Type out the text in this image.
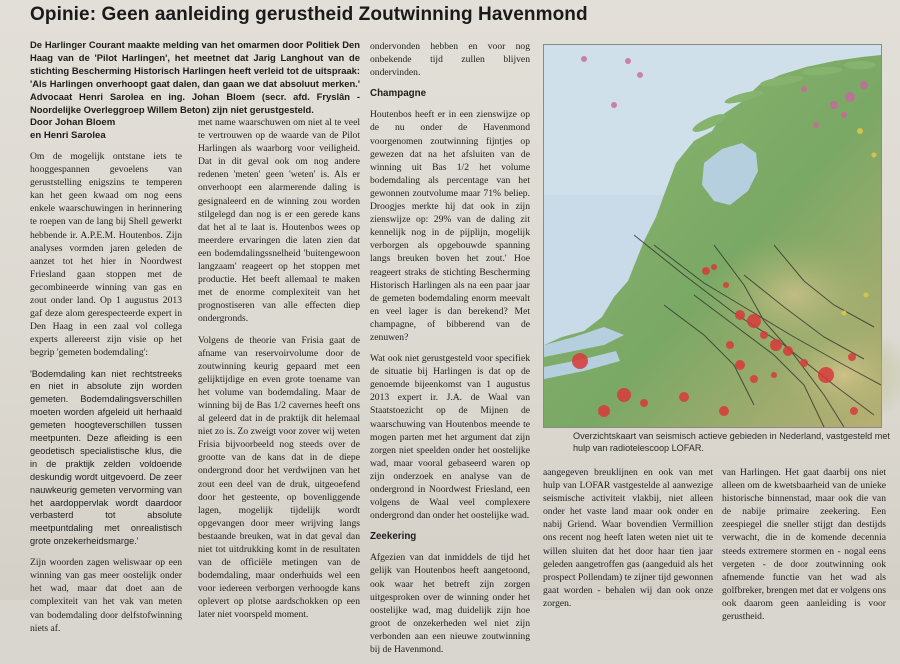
Opinie: Geen aanleiding gerustheid Zoutwinning Havenmond

De Harlinger Courant maakte melding van het omarmen door Politiek Den Haag van de 'Pilot Harlingen', het meetnet dat Jarig Langhout van de stichting Bescherming Historisch Harlingen heeft verleid tot de uitspraak: 'Als Harlingen onverhoopt gaat dalen, dan gaan we dat absoluut merken.' Advocaat Henri Sarolea en ing. Johan Bloem (secr. afd. Fryslân - Noordelijke Overleggroep Willem Beton) zijn niet gerustgesteld.

Door Johan Bloem
en Henri Sarolea

Om de mogelijk ontstane iets te hooggespannen gevoelens van geruststelling enigszins te temperen kan het geen kwaad om nog eens enkele waarschuwingen in herinnering te roepen van de lang bij Shell gewerkt hebbende ir. A.P.E.M. Houtenbos. Zijn analyses vormden jaren geleden de aanzet tot het hier in Noordwest Friesland gaan stoppen met de gecombineerde winning van gas en zout onder land. Op 1 augustus 2013 gaf deze alom gerespecteerde expert in Den Haag in een zaal vol collega experts allereerst zijn visie op het begrip 'gemeten bodemdaling':

'Bodemdaling kan niet rechtstreeks en niet in absolute zijn worden gemeten. Bodemdalingsverschillen moeten worden afgeleid uit herhaald gemeten hoogteverschillen tussen meetpunten. Deze afleiding is een geodetisch specialistische klus, die in de praktijk zelden voldoende deskundig wordt uitgevoerd. De zeer nauwkeurig gemeten vervorming van het aardoppervlak wordt daardoor verbasterd tot absolute meetpuntdaling met onrealistisch grote onzekerheidsmarge.'

Zijn woorden zagen weliswaar op een winning van gas meer oostelijk onder het wad, maar dat doet aan de complexiteit van het vak van meten van bodemdaling door delfstofwinning niets af.

met name waarschuwen om niet al te veel te vertrouwen op de waarde van de Pilot Harlingen als waarborg voor veiligheid. Dat in dit geval ook om nog andere redenen 'meten' geen 'weten' is. Als er onverhoopt een alarmerende daling is gesignaleerd en de winning zou worden stilgelegd dan nog is er een gerede kans dat het al te laat is. Houtenbos wees op meerdere ervaringen die laten zien dat een bodemdalingssnelheid 'buitengewoon langzaam' reageert op het stoppen met productie. Het beeft allemaal te maken met de enorme complexiteit van het prognostiseren van alle effecten diep ondergronds.

Volgens de theorie van Frisia gaat de afname van reservoirvolume door de zoutwinning keurig gepaard met een gelijktijdige en even grote toename van het volume van bodemdaling. Maar de winning bij de Bas 1/2 cavernes heeft ons al geleerd dat in de praktijk dit helemaal niet zo is. Zo zweigt voor zover wij weten Frisia bijvoorbeeld nog steeds over de grootte van de kans dat in de diepe ondergrond door het verdwijnen van het zout een deel van de druk, uitgeoefend door het gesteente, op bovenliggende lagen, mogelijk tijdelijk wordt opgevangen door meer wrijving langs bestaande breuken, wat in dat geval dan niet tot uitdrukking komt in de resultaten van de officiële metingen van de bodemdaling, maar onderhuids wel een voor iedereen verborgen verhoogde kans oplevert op plotse aardschokken op een later niet voorspeld moment.

ondervonden hebben en voor nog onbekende tijd zullen blijven ondervinden.

Champagne

Houtenbos heeft er in een zienswijze op de nu onder de Havenmond voorgenomen zoutwinning fijntjes op gewezen dat na het afsluiten van de winning uit Bas 1/2 het volume bodemdaling als percentage van het gewonnen zoutvolume maar 71% beliep. Droogjes merkte hij dat ook in zijn zienswijze op: 29% van de daling zit kennelijk nog in de pijplijn, mogelijk verborgen als opgebouwde spanning langs breuken boven het zout.' Hoe reageert straks de stichting Bescherming Historisch Harlingen als na een paar jaar de gemeten bodemdaling enorm meevalt en veel lager is dan berekend? Met champagne, of bibberend van de zenuwen?

Wat ook niet gerustgesteld voor specifiek de situatie bij Harlingen is dat op de genoemde bijeenkomst van 1 augustus 2013 expert ir. J.A. de Waal van Staatstoezicht op de Mijnen de waarschuwing van Houtenbos meende te mogen parten met het argument dat zijn zorgen niet speelden onder het oostelijke wad, maar vooral gebaseerd waren op zijn onderzoek en analyse van de ondergrond in Noordwest Friesland, een volgens de Waal veel complexere ondergrond dan onder het oostelijke wad.

Zeekering

Afgezien van dat inmiddels de tijd het gelijk van Houtenbos heeft aangetoond, ook waar het betreft zijn zorgen uitgesproken over de winning onder het oostelijke wad, mag duidelijk zijn hoe groot de onzekerheden wel niet zijn verbonden aan een nieuwe zoutwinning bij de Havenmond.

Overzichtskaart van seismisch actieve gebieden in Nederland, vastgesteld met hulp van radiotelescoop LOFAR.

aangegeven breuklijnen en ook van met hulp van LOFAR vastgestelde al aanwezige seismische activiteit vlakbij, niet alleen onder het vaste land maar ook onder en nabij Griend. Waar bovendien Vermillion ons recent nog heeft laten weten niet uit te willen sluiten dat het door haar tien jaar geleden aangetroffen gas (aangeduid als het prospect Pollendam) te zijner tijd gewonnen gaat worden - behalen wij dan ook onze zorgen.

van Harlingen. Het gaat daarbij ons niet alleen om de kwetsbaarheid van de unieke historische binnenstad, maar ook die van de nabije primaire zeekering. Een zeespiegel die sneller stijgt dan destijds verwacht, die in de komende decennia steeds extremere stormen en - nogal eens vergeten - de door zoutwinning ook afnemende functie van het wad als golfbreker, brengen met dat er volgens ons ook daarom geen aanleiding is voor gerustheid.
